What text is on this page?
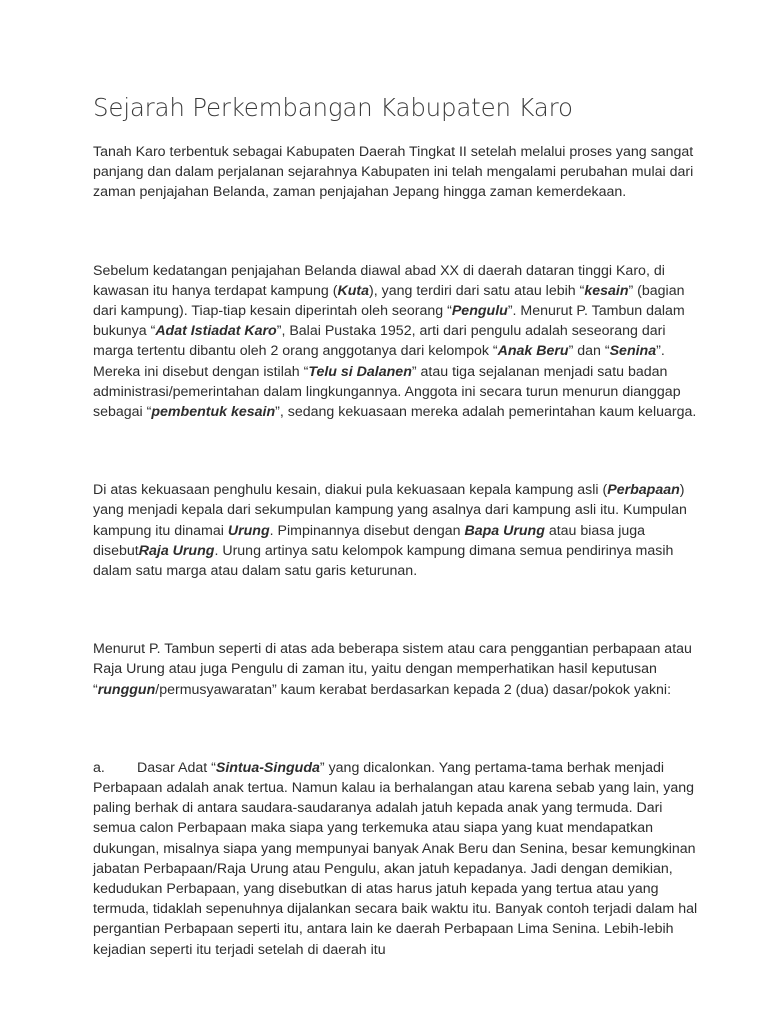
Sejarah Perkembangan Kabupaten Karo

Tanah Karo terbentuk sebagai Kabupaten Daerah Tingkat II setelah melalui proses yang sangat panjang dan dalam perjalanan sejarahnya Kabupaten ini telah mengalami perubahan mulai dari zaman penjajahan Belanda, zaman penjajahan Jepang hingga zaman kemerdekaan.

Sebelum kedatangan penjajahan Belanda diawal abad XX di daerah dataran tinggi Karo, di kawasan itu hanya terdapat kampung (Kuta), yang terdiri dari satu atau lebih “kesain” (bagian dari kampung). Tiap-tiap kesain diperintah oleh seorang “Pengulu”. Menurut P. Tambun dalam bukunya “Adat Istiadat Karo”, Balai Pustaka 1952, arti dari pengulu adalah seseorang dari marga tertentu dibantu oleh 2 orang anggotanya dari kelompok “Anak Beru” dan “Senina”. Mereka ini disebut dengan istilah “Telu si Dalanen” atau tiga sejalanan menjadi satu badan administrasi/pemerintahan dalam lingkungannya. Anggota ini secara turun menurun dianggap sebagai “pembentuk kesain”, sedang kekuasaan mereka adalah pemerintahan kaum keluarga.

Di atas kekuasaan penghulu kesain, diakui pula kekuasaan kepala kampung asli (Perbapaan) yang menjadi kepala dari sekumpulan kampung yang asalnya dari kampung asli itu. Kumpulan kampung itu dinamai Urung. Pimpinannya disebut dengan Bapa Urung atau biasa juga disebutRaja Urung. Urung artinya satu kelompok kampung dimana semua pendirinya masih dalam satu marga atau dalam satu garis keturunan.

Menurut P. Tambun seperti di atas ada beberapa sistem atau cara penggantian perbapaan atau Raja Urung atau juga Pengulu di zaman itu, yaitu dengan memperhatikan hasil keputusan “runggun/permusyawaratan” kaum kerabat berdasarkan kepada 2 (dua) dasar/pokok yakni:

a. Dasar Adat “Sintua-Singuda” yang dicalonkan. Yang pertama-tama berhak menjadi Perbapaan adalah anak tertua. Namun kalau ia berhalangan atau karena sebab yang lain, yang paling berhak di antara saudara-saudaranya adalah jatuh kepada anak yang termuda. Dari semua calon Perbapaan maka siapa yang terkemuka atau siapa yang kuat mendapatkan dukungan, misalnya siapa yang mempunyai banyak Anak Beru dan Senina, besar kemungkinan jabatan Perbapaan/Raja Urung atau Pengulu, akan jatuh kepadanya. Jadi dengan demikian, kedudukan Perbapaan, yang disebutkan di atas harus jatuh kepada yang tertua atau yang termuda, tidaklah sepenuhnya dijalankan secara baik waktu itu. Banyak contoh terjadi dalam hal pergantian Perbapaan seperti itu, antara lain ke daerah Perbapaan Lima Senina. Lebih-lebih kejadian seperti itu terjadi setelah di daerah itu
